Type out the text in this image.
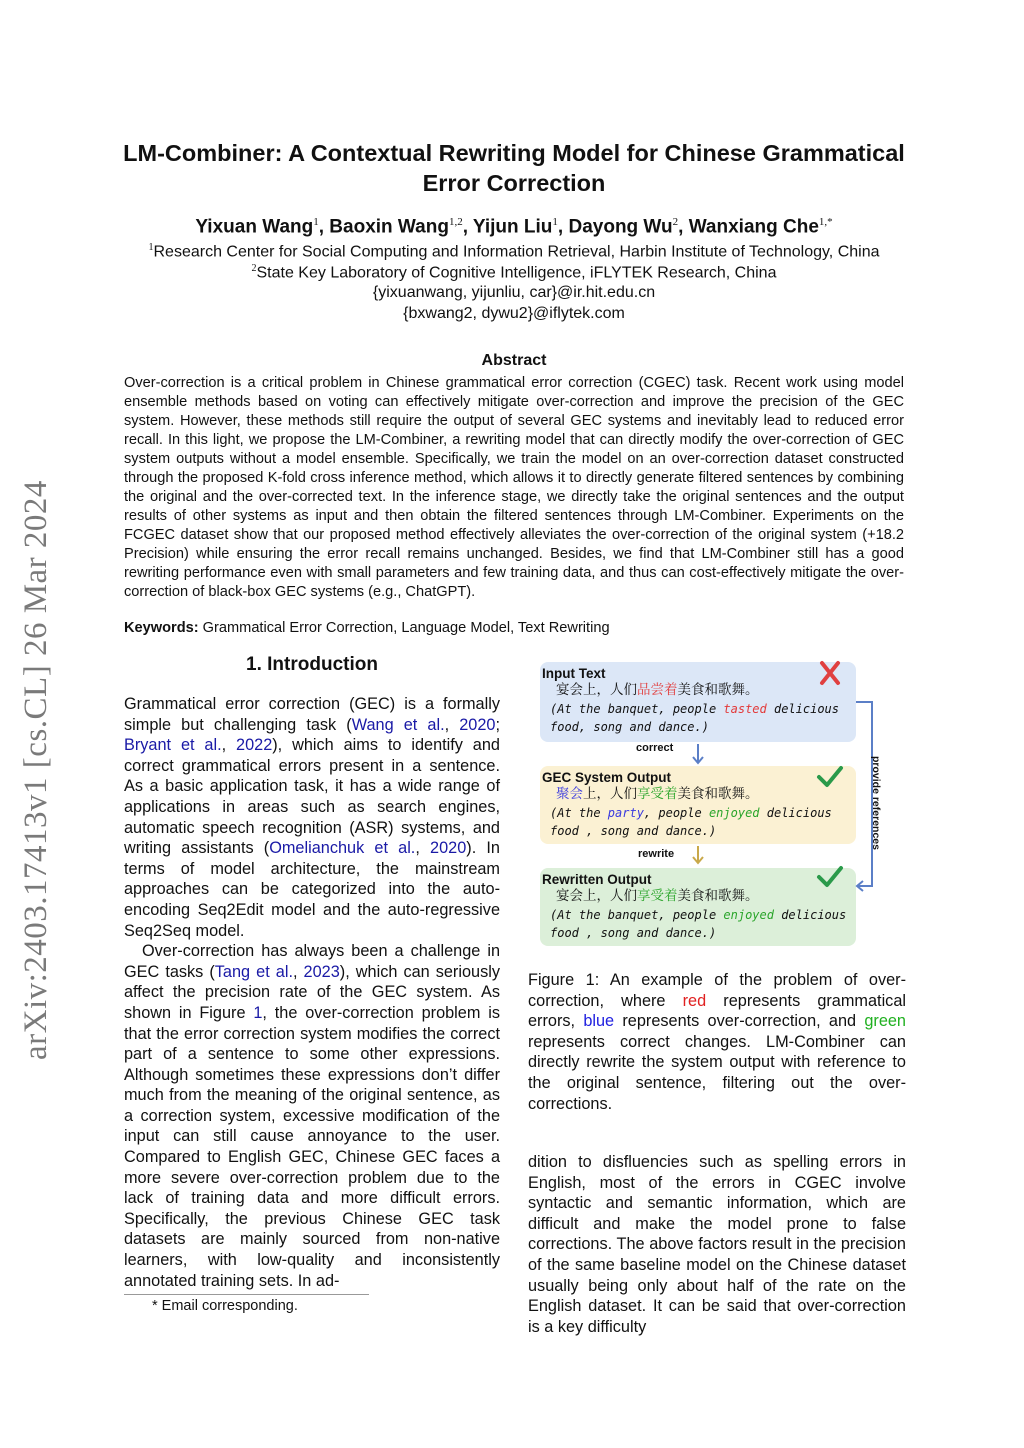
arXiv:2403.17413v1 [cs.CL] 26 Mar 2024
LM-Combiner: A Contextual Rewriting Model for Chinese Grammatical Error Correction
Yixuan Wang$^1$, Baoxin Wang$^{1,2}$, Yijun Liu$^1$, Dayong Wu$^2$, Wanxiang Che$^{1,*}$
$^1$Research Center for Social Computing and Information Retrieval, Harbin Institute of Technology, China
$^2$State Key Laboratory of Cognitive Intelligence, iFLYTEK Research, China
{yixuanwang, yijunliu, car}@ir.hit.edu.cn
{bxwang2, dywu2}@iflytek.com
Abstract
Over-correction is a critical problem in Chinese grammatical error correction (CGEC) task. Recent work using model ensemble methods based on voting can effectively mitigate over-correction and improve the precision of the GEC system. However, these methods still require the output of several GEC systems and inevitably lead to reduced error recall. In this light, we propose the LM-Combiner, a rewriting model that can directly modify the over-correction of GEC system outputs without a model ensemble. Specifically, we train the model on an over-correction dataset constructed through the proposed K-fold cross inference method, which allows it to directly generate filtered sentences by combining the original and the over-corrected text. In the inference stage, we directly take the original sentences and the output results of other systems as input and then obtain the filtered sentences through LM-Combiner. Experiments on the FCGEC dataset show that our proposed method effectively alleviates the over-correction of the original system (+18.2 Precision) while ensuring the error recall remains unchanged. Besides, we find that LM-Combiner still has a good rewriting performance even with small parameters and few training data, and thus can cost-effectively mitigate the over-correction of black-box GEC systems (e.g., ChatGPT).
Keywords: Grammatical Error Correction, Language Model, Text Rewriting
1. Introduction

Grammatical error correction (GEC) is a formally simple but challenging task (Wang et al., 2020; Bryant et al., 2022), which aims to identify and correct grammatical errors present in a sentence. As a basic application task, it has a wide range of applications in areas such as search engines, automatic speech recognition (ASR) systems, and writing assistants (Omelianchuk et al., 2020). In terms of model architecture, the mainstream approaches can be categorized into the auto-encoding Seq2Edit model and the auto-regressive Seq2Seq model.

Over-correction has always been a challenge in GEC tasks (Tang et al., 2023), which can seriously affect the precision rate of the GEC system. As shown in Figure 1, the over-correction problem is that the error correction system modifies the correct part of a sentence to some other expressions. Although sometimes these expressions don’t differ much from the meaning of the original sentence, as a correction system, excessive modification of the input can still cause annoyance to the user. Compared to English GEC, Chinese GEC faces a more severe over-correction problem due to the lack of training data and more difficult errors. Specifically, the previous Chinese GEC task datasets are mainly sourced from non-native learners, with low-quality and inconsistently annotated training sets. In ad-

* Email corresponding.
Input Text
宴会上，人们品尝着美食和歌舞。
(At the banquet, people tasted delicious food, song and dance.)
correct
GEC System Output
聚会上，人们享受着美食和歌舞。
(At the party, people enjoyed delicious food , song and dance.)
rewrite
Rewritten Output
宴会上，人们享受着美食和歌舞。
(At the banquet, people enjoyed delicious food , song and dance.)
provide references
Figure 1: An example of the problem of over-correction, where red represents grammatical errors, blue represents over-correction, and green represents correct changes. LM-Combiner can directly rewrite the system output with reference to the original sentence, filtering out the over-corrections.
dition to disfluencies such as spelling errors in English, most of the errors in CGEC involve syntactic and semantic information, which are difficult and make the model prone to false corrections. The above factors result in the precision of the same baseline model on the Chinese dataset usually being only about half of the rate on the English dataset. It can be said that over-correction is a key difficulty
